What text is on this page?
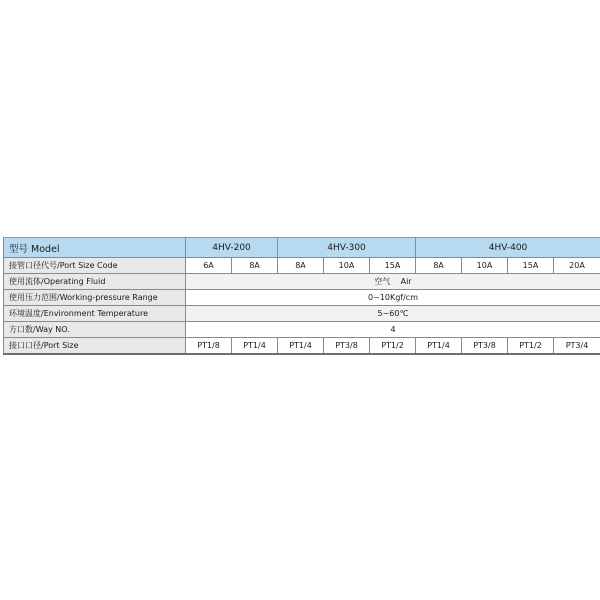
型号 Model	4HV-200		4HV-300			4HV-400			
接管口径代号/Port Size Code	6A	8A	8A	10A	15A	8A	10A	15A	20A
使用流体/Operating Fluid	空气    Air								
使用压力范围/Working-pressure Range	0~10Kgf/cm								
环境温度/Environment Temperature	5~60℃								
方口数/Way NO.	4								
接口口径/Port Size	PT1/8	PT1/4	PT1/4	PT3/8	PT1/2	PT1/4	PT3/8	PT1/2	PT3/4
